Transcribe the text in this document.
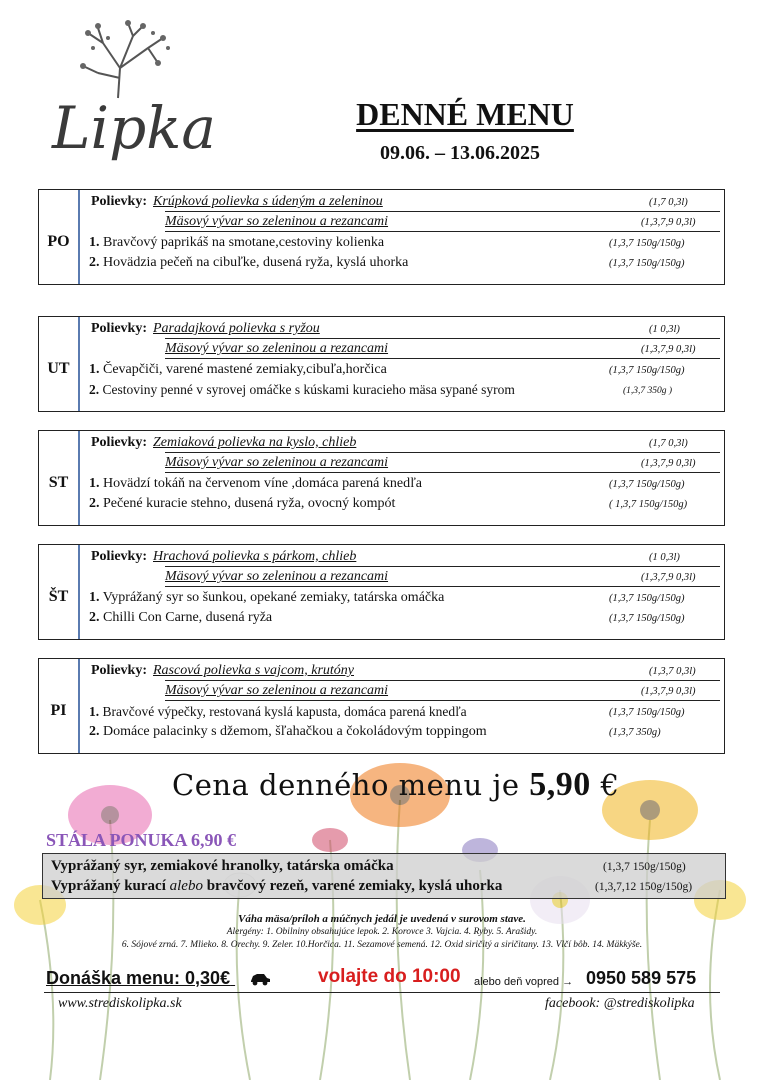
Lipka	DENNÉ MENU
09.06. – 13.06.2025
PO
Polievky: Krúpková polievka s údeným a zeleninou	(1,7 0,3l)
Mäsový vývar so zeleninou a rezancami	(1,3,7,9 0,3l)
1. Bravčový paprikáš na smotane,cestoviny kolienka	(1,3,7 150g/150g)
2. Hovädzia pečeň na cibuľke, dusená ryža, kyslá uhorka	(1,3,7 150g/150g)
UT
Polievky: Paradajková polievka s ryžou	(1 0,3l)
Mäsový vývar so zeleninou a rezancami	(1,3,7,9 0,3l)
1. Čevapčiči, varené mastené zemiaky,cibuľa,horčica	(1,3,7 150g/150g)
2. Cestoviny penné v syrovej omáčke s kúskami kuracieho mäsa sypané syrom	(1,3,7 350g )
ST
Polievky: Zemiaková polievka na kyslo, chlieb	(1,7 0,3l)
Mäsový vývar so zeleninou a rezancami	(1,3,7,9 0,3l)
1. Hovädzí tokáň na červenom víne ,domáca parená knedľa	(1,3,7 150g/150g)
2. Pečené kuracie stehno, dusená ryža, ovocný kompót	( 1,3,7 150g/150g)
ŠT
Polievky: Hrachová polievka s párkom, chlieb	(1 0,3l)
Mäsový vývar so zeleninou a rezancami	(1,3,7,9 0,3l)
1. Vyprážaný syr so šunkou, opekané zemiaky, tatárska omáčka	(1,3,7 150g/150g)
2. Chilli Con Carne, dusená ryža	(1,3,7 150g/150g)
PI
Polievky: Rascová polievka s vajcom, krutóny	(1,3,7 0,3l)
Mäsový vývar so zeleninou a rezancami	(1,3,7,9 0,3l)
1. Bravčové výpečky, restovaná kyslá kapusta, domáca parená knedľa	(1,3,7 150g/150g)
2. Domáce palacinky s džemom, šľahačkou a čokoládovým toppingom	(1,3,7 350g)
Cena denného menu je 5,90 €
STÁLA PONUKA 6,90 €
Vyprážaný syr, zemiakové hranolky, tatárska omáčka	(1,3,7 150g/150g)
Vyprážaný kurací alebo bravčový rezeň, varené zemiaky, kyslá uhorka	(1,3,7,12 150g/150g)
Váha mäsa/príloh a múčnych jedál je uvedená v surovom stave.
Alergény: 1. Obilniny obsahujúce lepok. 2. Korovce 3. Vajcia. 4. Ryby. 5. Arašidy.
6. Sójové zrná. 7. Mlieko. 8. Orechy. 9. Zeler. 10.Horčica. 11. Sezamové semená. 12. Oxid siričitý a siričitany. 13. Vlčí bôb. 14. Mäkkýše.
Donáška menu: 0,30€	volajte do 10:00 alebo deň vopred → 0950 589 575
www.strediskolipka.sk	facebook: @strediskolipka
